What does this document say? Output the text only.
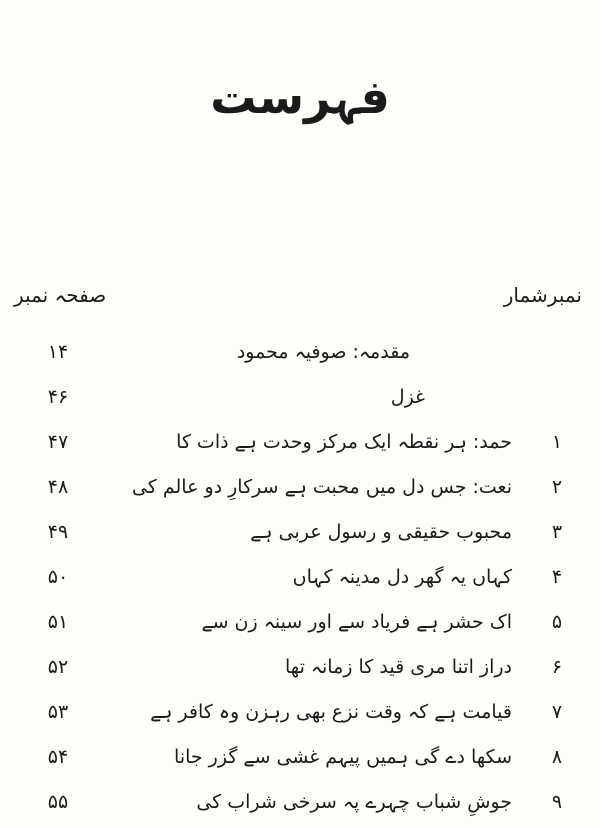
فہرست
نمبرشمار
صفحہ نمبر
مقدمہ: صوفیہ محمود
۱۴
غزل
۴۶
۱
حمد: ہر نقطہ ایک مرکز وحدت ہے ذات کا
۴۷
۲
نعت: جس دل میں محبت ہے سرکارِ دو عالم کی
۴۸
۳
محبوب حقیقی و رسول عربی ہے
۴۹
۴
کہاں یہ گھر دل مدینہ کہاں
۵۰
۵
اک حشر ہے فریاد سے اور سینہ زن سے
۵۱
۶
دراز اتنا مری قید کا زمانہ تھا
۵۲
۷
قیامت ہے کہ وقت نزع بھی رہزن وہ کافر ہے
۵۳
۸
سکھا دے گی ہمیں پیہم غشی سے گزر جانا
۵۴
۹
جوشِ شباب چہرے پہ سرخی شراب کی
۵۵
